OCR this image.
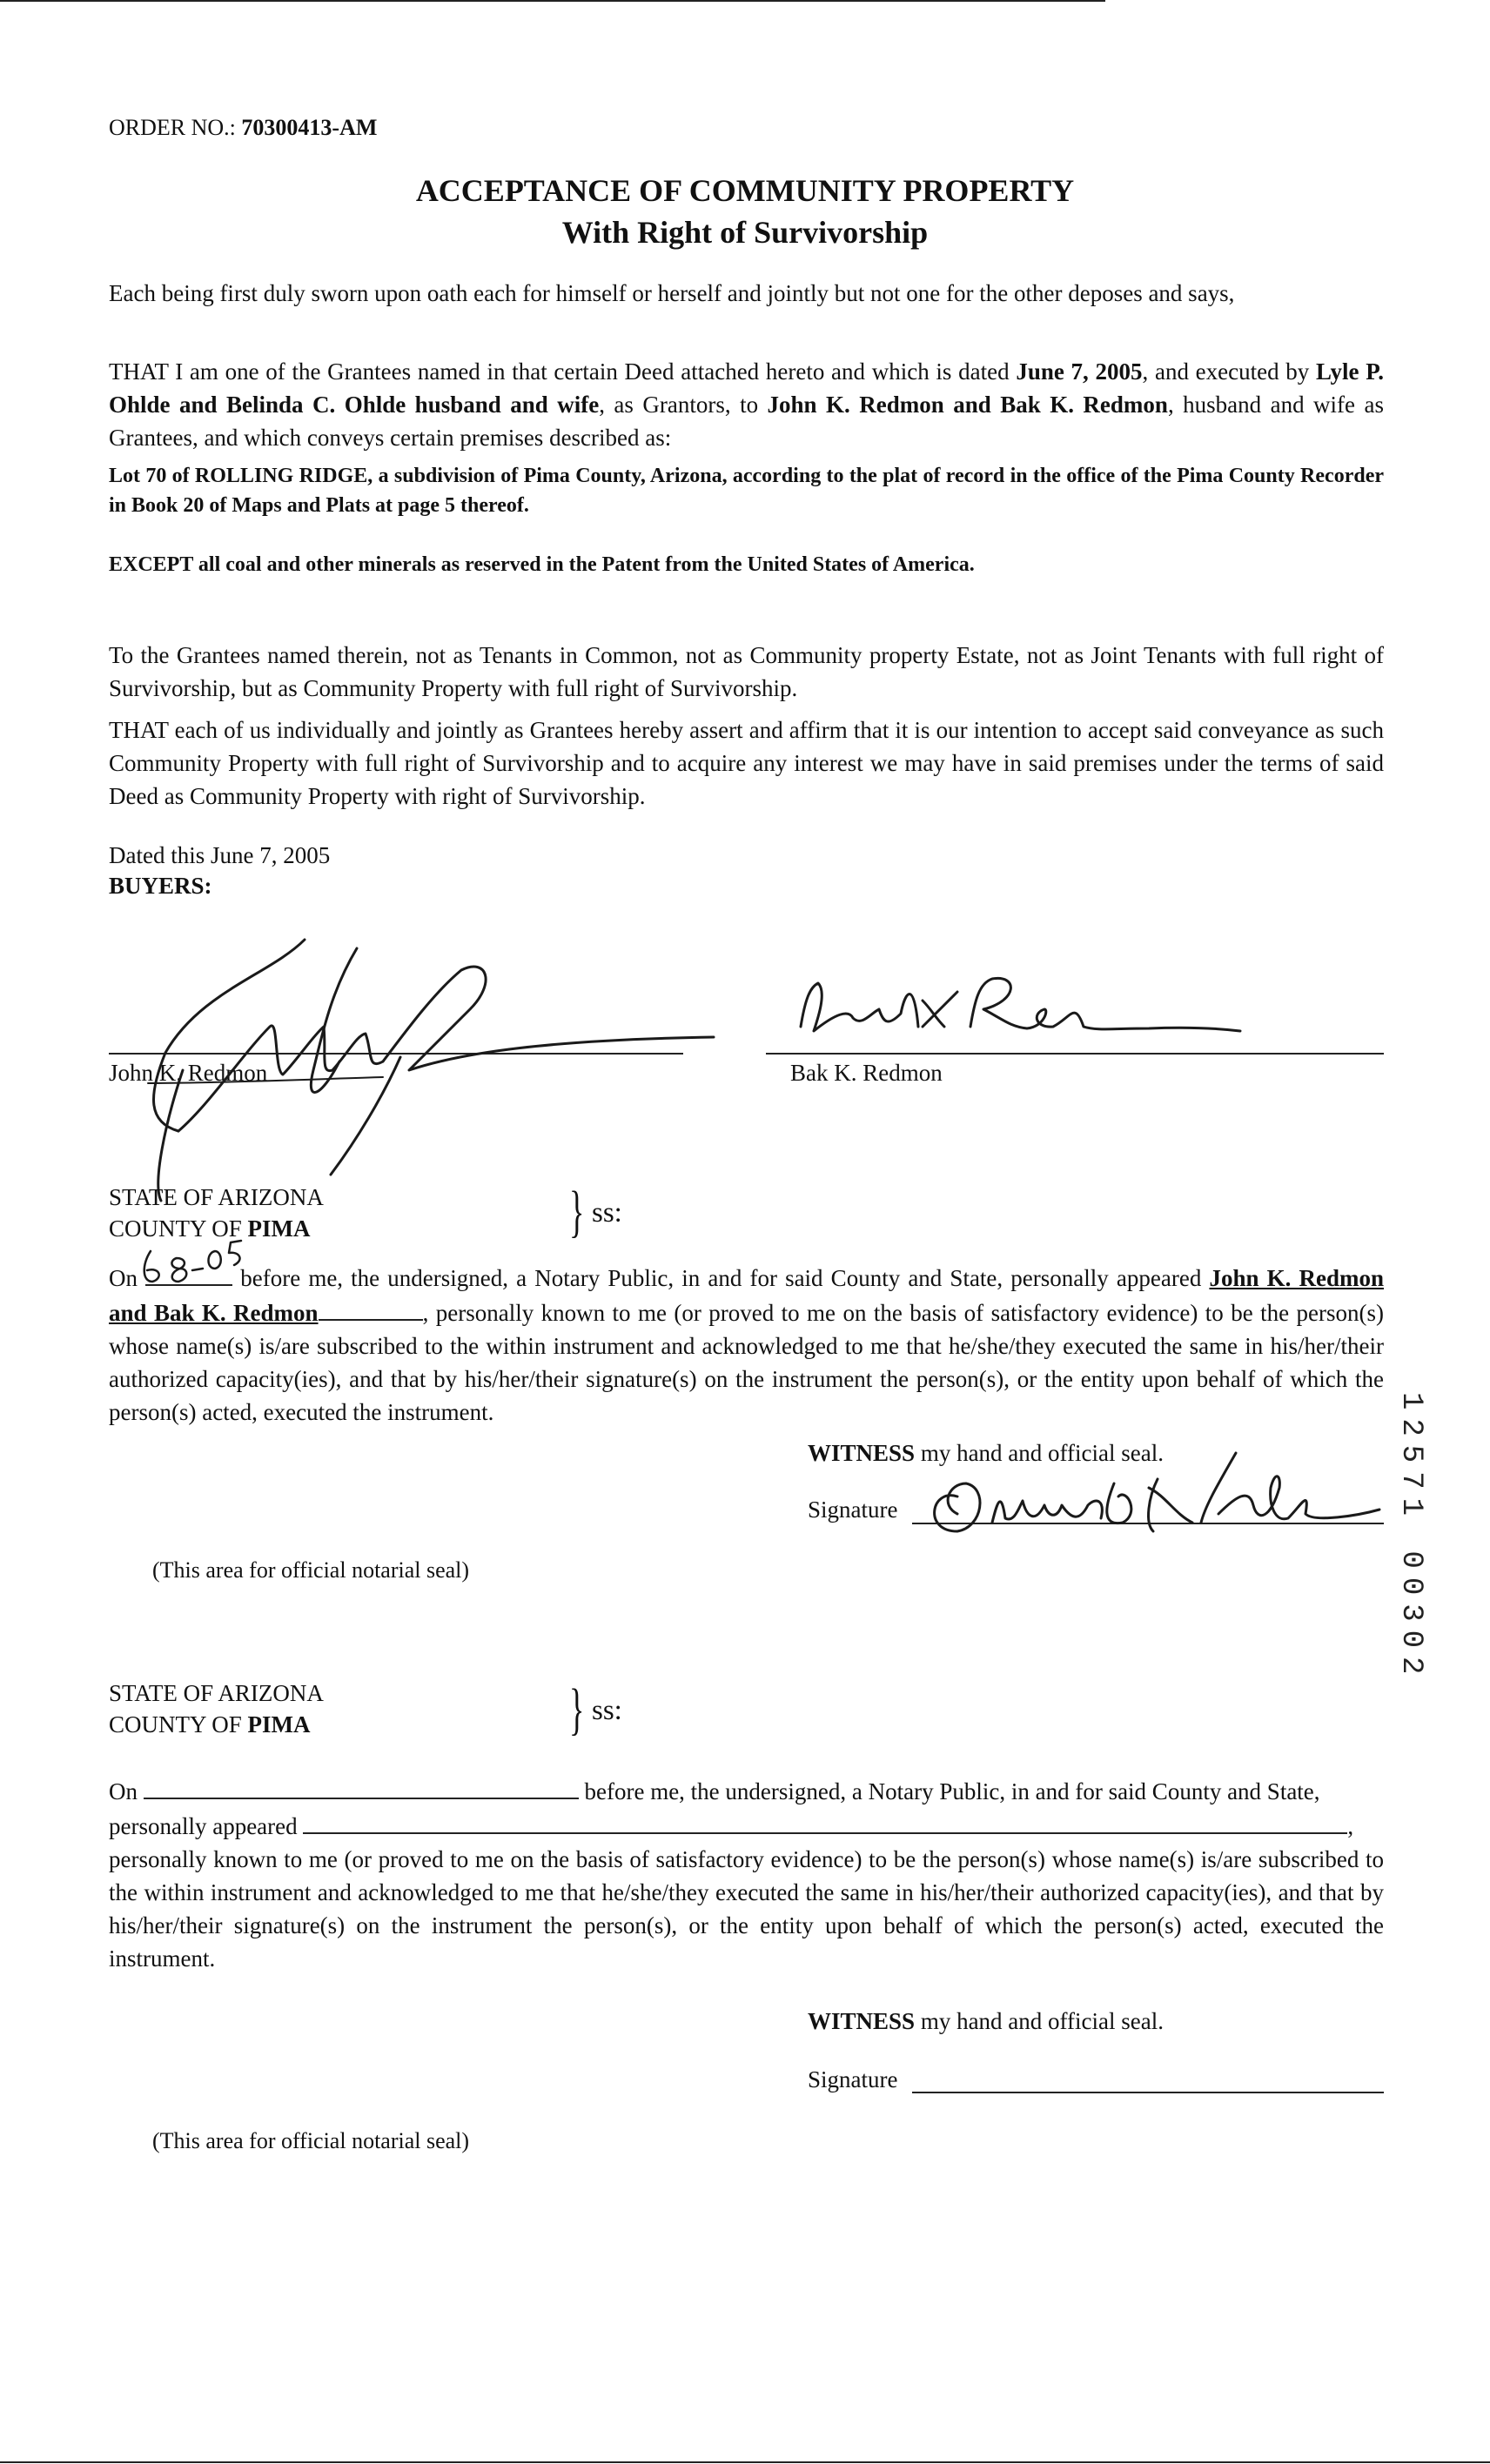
ORDER NO.: 70300413-AM
ACCEPTANCE OF COMMUNITY PROPERTY
With Right of Survivorship
Each being first duly sworn upon oath each for himself or herself and jointly but not one for the other deposes and says,
THAT I am one of the Grantees named in that certain Deed attached hereto and which is dated June 7, 2005, and executed by Lyle P. Ohlde and Belinda C. Ohlde husband and wife, as Grantors, to John K. Redmon and Bak K. Redmon, husband and wife as Grantees, and which conveys certain premises described as:
Lot 70 of ROLLING RIDGE, a subdivision of Pima County, Arizona, according to the plat of record in the office of the Pima County Recorder in Book 20 of Maps and Plats at page 5 thereof.
EXCEPT all coal and other minerals as reserved in the Patent from the United States of America.
To the Grantees named therein, not as Tenants in Common, not as Community property Estate, not as Joint Tenants with full right of Survivorship, but as Community Property with full right of Survivorship.
THAT each of us individually and jointly as Grantees hereby assert and affirm that it is our intention to accept said conveyance as such Community Property with full right of Survivorship and to acquire any interest we may have in said premises under the terms of said Deed as Community Property with right of Survivorship.
Dated this June 7, 2005
BUYERS:
John K. Redmon	Bak K. Redmon
STATE OF ARIZONA
COUNTY OF PIMA	} ss:
On	before me, the undersigned, a Notary Public, in and for said County and State, personally appeared John K. Redmon and Bak K. Redmon	, personally known to me (or proved to me on the basis of satisfactory evidence) to be the person(s) whose name(s) is/are subscribed to the within instrument and acknowledged to me that he/she/they executed the same in his/her/their authorized capacity(ies), and that by his/her/their signature(s) on the instrument the person(s), or the entity upon behalf of which the person(s) acted, executed the instrument.
WITNESS my hand and official seal.
Signature
(This area for official notarial seal)	12571 00302
STATE OF ARIZONA
COUNTY OF PIMA	} ss:
On	before me, the undersigned, a Notary Public, in and for said County and State,
personally appeared	,
personally known to me (or proved to me on the basis of satisfactory evidence) to be the person(s) whose name(s) is/are subscribed to the within instrument and acknowledged to me that he/she/they executed the same in his/her/their authorized capacity(ies), and that by his/her/their signature(s) on the instrument the person(s), or the entity upon behalf of which the person(s) acted, executed the instrument.
WITNESS my hand and official seal.
Signature
(This area for official notarial seal)
